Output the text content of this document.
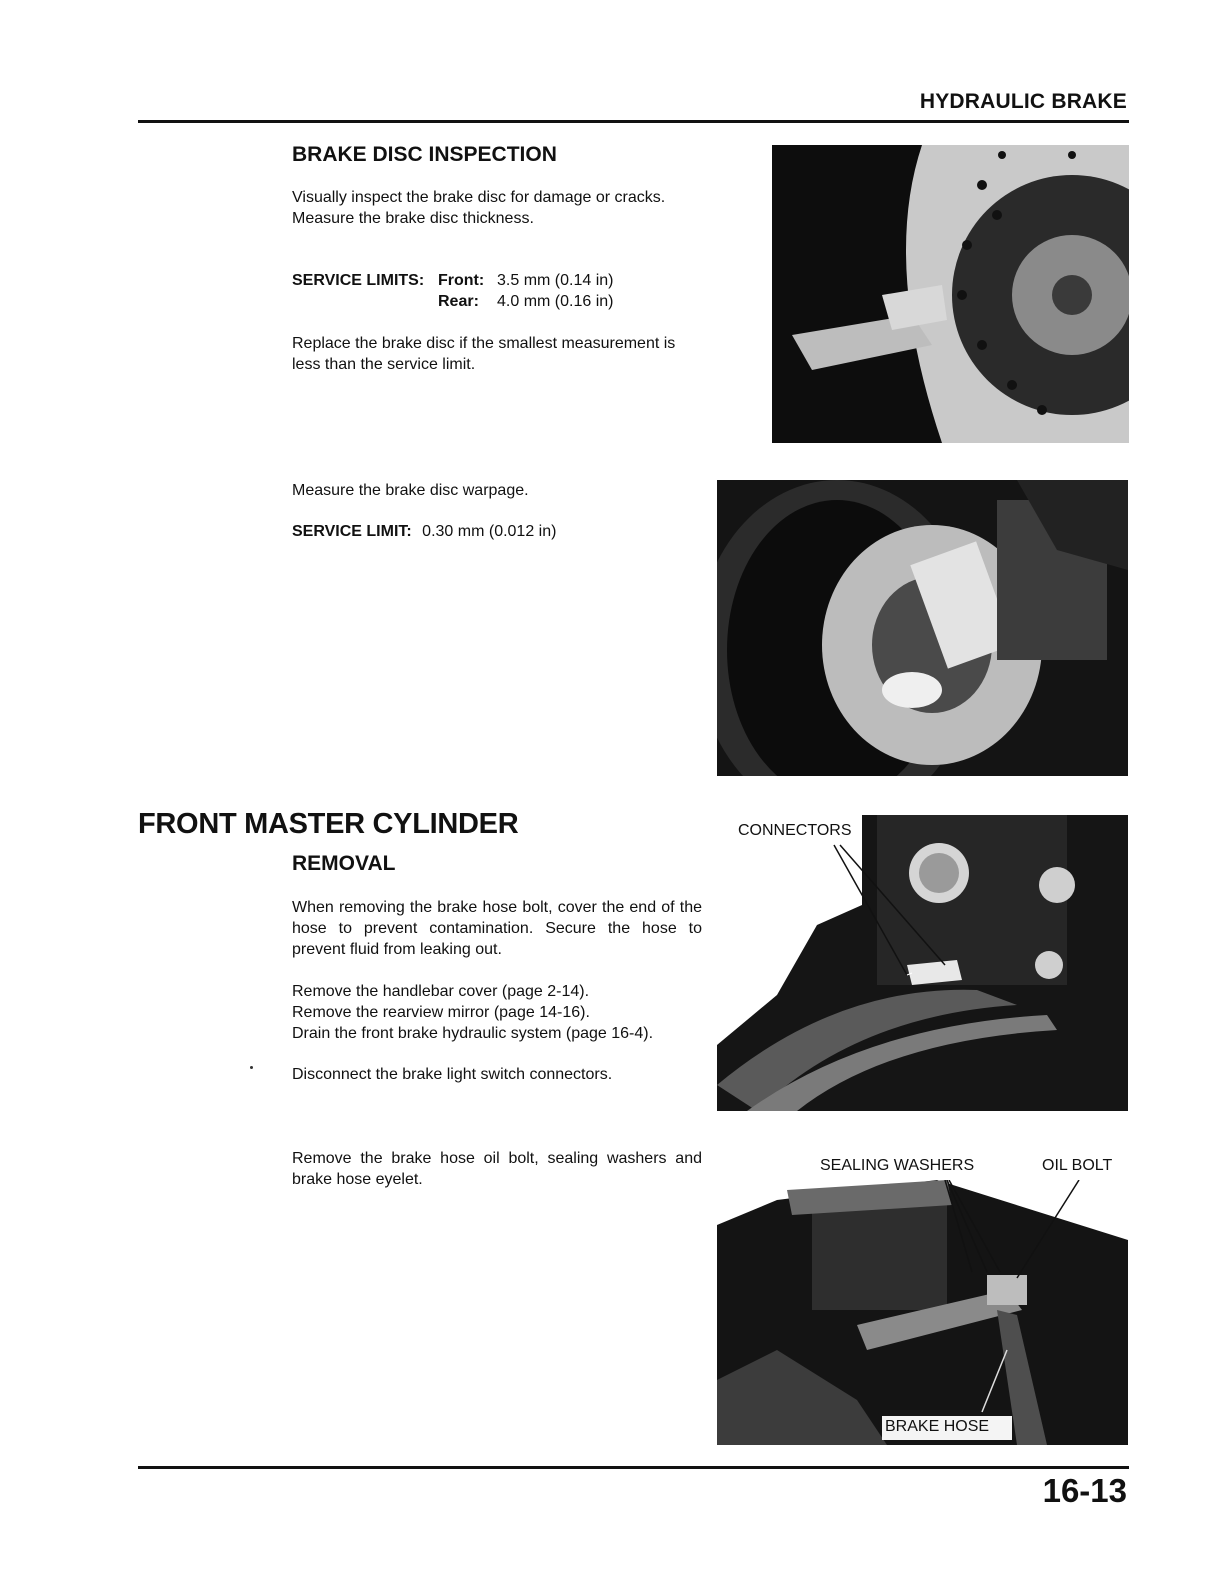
HYDRAULIC BRAKE
BRAKE DISC INSPECTION

Visually inspect the brake disc for damage or cracks.

Measure the brake disc thickness.

SERVICE LIMITS: Front: 3.5 mm (0.14 in)
Rear: 4.0 mm (0.16 in)
Replace the brake disc if the smallest measurement is less than the service limit.
Measure the brake disc warpage.
SERVICE LIMIT: 0.30 mm (0.012 in)
FRONT MASTER CYLINDER
REMOVAL
When removing the brake hose bolt, cover the end of the hose to prevent contamination. Secure the hose to prevent fluid from leaking out.

Remove the handlebar cover (page 2-14).

Remove the rearview mirror (page 14-16).

Drain the front brake hydraulic system (page 16-4).

Disconnect the brake light switch connectors.
Remove the brake hose oil bolt, sealing washers and brake hose eyelet.
CONNECTORS
SEALING WASHERS	OIL BOLT
BRAKE HOSE
16-13
